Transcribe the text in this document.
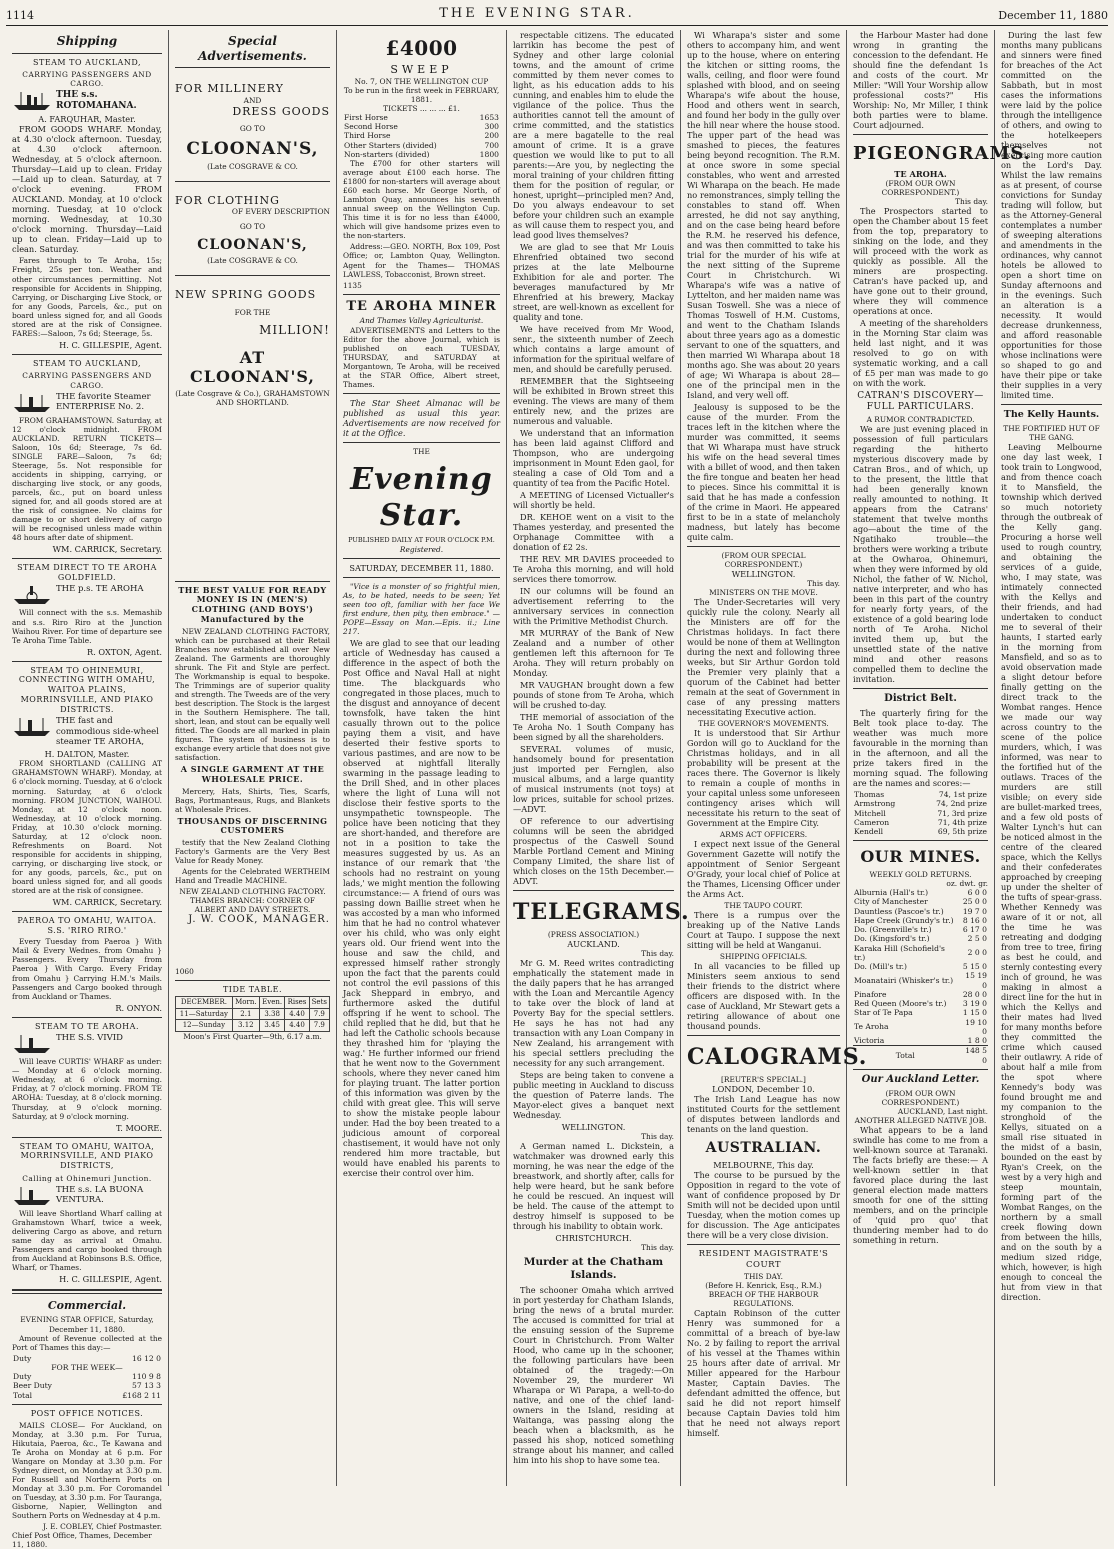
1114	THE EVENING STAR.	December 11, 1880
Shipping
STEAM TO AUCKLAND,
CARRYING PASSENGERS AND CARGO.
THE s.s. ROTOMAHANA.
A. FARQUHAR, Master.

FROM GOODS WHARF. Monday, at 4.30 o'clock afternoon. Tuesday, at 4.30 o'clock afternoon. Wednesday, at 5 o'clock afternoon. Thursday—Laid up to clean. Friday—Laid up to clean. Saturday, at 7 o'clock evening. FROM AUCKLAND. Monday, at 10 o'clock morning. Tuesday, at 10 o'clock morning. Wednesday, at 10.30 o'clock morning. Thursday—Laid up to clean. Friday—Laid up to clean. Saturday.

Fares through to Te Aroha, 15s; Freight, 25s per ton. Weather and other circumstances permitting. Not responsible for Accidents in Shipping, Carrying, or Discharging Live Stock, or for any Goods, Parcels, &c., put on board unless signed for, and all Goods stored are at the risk of Consignee. FARES:—Saloon, 7s 6d; Steerage, 5s.

H. C. GILLESPIE, Agent.
STEAM TO AUCKLAND,
CARRYING PASSENGERS AND CARGO.
THE favorite Steamer ENTERPRISE No. 2.

FROM GRAHAMSTOWN. Saturday, at 12 o'clock midnight. FROM AUCKLAND. RETURN TICKETS—Saloon, 10s 6d; Steerage, 7s 6d. SINGLE FARE—Saloon, 7s 6d; Steerage, 5s. Not responsible for accidents in shipping, carrying, or discharging live stock, or any goods, parcels, &c., put on board unless signed for, and all goods stored are at the risk of consignee. No claims for damage to or short delivery of cargo will be recognised unless made within 48 hours after date of shipment.

WM. CARRICK, Secretary.
STEAM DIRECT TO TE AROHA GOLDFIELD.
THE p.s. TE AROHA

Will connect with the s.s. Memashib and s.s. Riro Riro at the Junction Waihou River. For time of departure see Te Aroha Time Table.

R. OXTON, Agent.
STEAM TO OHINEMURI, CONNECTING WITH OMAHU, WAITOA PLAINS, MORRINSVILLE, AND PIAKO DISTRICTS.
THE fast and commodious side-wheel steamer TE AROHA,
H. DALTON, Master.

FROM SHORTLAND (CALLING AT GRAHAMSTOWN WHARF). Monday, at 6 o'clock morning. Tuesday, at 6 o'clock morning. Saturday, at 6 o'clock morning. FROM JUNCTION, WAIHOU. Monday, at 12 o'clock noon. Wednesday, at 10 o'clock morning. Friday, at 10.30 o'clock morning. Saturday, at 12 o'clock noon. Refreshments on Board. Not responsible for accidents in shipping, carrying, or discharging live stock, or for any goods, parcels, &c., put on board unless signed for, and all goods stored are at the risk of consignee.

WM. CARRICK, Secretary.
PAEROA TO OMAHU, WAITOA. S.S. 'RIRO RIRO.'

Every Tuesday from Paeroa } With Mail & Every Wednes. from Omahu } Passengers. Every Thursday from Paeroa } With Cargo. Every Friday from Omahu } Carrying H.M.'s Mails. Passengers and Cargo booked through from Auckland or Thames.

R. ONYON.
STEAM TO TE AROHA.
THE S.S. VIVID

Will leave CURTIS' WHARF as under:— Monday at 6 o'clock morning. Wednesday, at 6 o'clock morning. Friday, at 7 o'clock morning. FROM TE AROHA: Tuesday, at 8 o'clock morning. Thursday, at 9 o'clock morning. Saturday, at 9 o'clock morning.

T. MOORE.
STEAM TO OMAHU, WAITOA, MORRINSVILLE, AND PIAKO DISTRICTS,
Calling at Ohinemuri Junction.
THE s.s. LA BUONA VENTURA.

Will leave Shortland Wharf calling at Grahamstown Wharf, twice a week, delivering Cargo as above, and return same day as arrival at Omahu. Passengers and cargo booked through from Auckland at Robinsons B.S. Office, Wharf, or Thames.

H. C. GILLESPIE, Agent.
Commercial.
EVENING STAR OFFICE, Saturday, December 11, 1880.

Amount of Revenue collected at the Port of Thames this day:—

Duty	16 12 0
FOR THE WEEK—	
Duty	110 9 8
Beer Duty	57 13 3
Total	£168 2 11
POST OFFICE NOTICES.

MAILS CLOSE— For Auckland, on Monday, at 3.30 p.m. For Turua, Hikutaia, Paeroa, &c., Te Kawana and Te Aroha on Monday at 6 p.m. For Wangare on Monday at 3.30 p.m. For Sydney direct, on Monday at 3.30 p.m. For Russell and Northern Ports on Monday at 3.30 p.m. For Coromandel on Tuesday, at 3.30 p.m. For Tauranga, Gisborne, Napier, Wellington and Southern Ports on Wednesday at 4 p.m.

J. E. COBLEY, Chief Postmaster.
Chief Post Office, Thames, December 11, 1880.
Special Advertisements.
FOR MILLINERY
AND
DRESS GOODS
GO TO
CLOONAN'S,
(Late COSGRAVE & CO.
FOR CLOTHING
OF EVERY DESCRIPTION
GO TO
CLOONAN'S,
(Late COSGRAVE & CO.
NEW SPRING GOODS
FOR THE
MILLION!
AT CLOONAN'S,
(Late Cosgrave & Co.), GRAHAMSTOWN AND SHORTLAND.
THE BEST VALUE FOR READY MONEY IS IN (MEN'S) CLOTHING (AND BOYS') Manufactured by the

NEW ZEALAND CLOTHING FACTORY, which can be purchased at their Retail Branches now established all over New Zealand. The Garments are thoroughly shrunk. The Fit and Style are perfect. The Workmanship is equal to bespoke. The Trimmings are of superior quality and strength. The Tweeds are of the very best description. The Stock is the largest in the Southern Hemisphere. The tall, short, lean, and stout can be equally well fitted. The Goods are all marked in plain figures. The system of business is to exchange every article that does not give satisfaction.

A SINGLE GARMENT AT THE WHOLESALE PRICE.

Mercery, Hats, Shirts, Ties, Scarfs, Bags, Portmanteaus, Rugs, and Blankets at Wholesale Prices.

THOUSANDS OF DISCERNING CUSTOMERS

testify that the New Zealand Clothing Factory's Garments are the Very Best Value for Ready Money.

Agents for the Celebrated WERTHEIM Hand and Treadle MACHINE.

NEW ZEALAND CLOTHING FACTORY. THAMES BRANCH: CORNER OF ALBERT AND DAVY STREETS.
J. W. COOK, MANAGER.
1060
TIDE TABLE.
DECEMBER.	Morn.	Even.	Rises	Sets
11—Saturday	2.1	3.38	4.40	7.9
12—Sunday	3.12	3.45	4.40	7.9
Moon's First Quarter—9th, 6.17 a.m.
£4000
SWEEP
No. 7, ON THE WELLINGTON CUP
To be run in the first week in FEBRUARY, 1881.
TICKETS ... ... ... £1.
First Horse	1653
Second Horse	300
Third Horse	200
Other Starters (divided)	700
Non-starters (divided)	1800

The £700 for other starters will average about £100 each horse. The £1800 for non-starters will average about £60 each horse. Mr George North, of Lambton Quay, announces his seventh annual sweep on the Wellington Cup. This time it is for no less than £4000, which will give handsome prizes even to the non-starters.

Address:—GEO. NORTH, Box 109, Post Office; or, Lambton Quay, Wellington. Agent for the Thames— THOMAS LAWLESS, Tobacconist, Brown street.

1135
TE AROHA MINER
And Thames Valley Agriculturist.

ADVERTISEMENTS and Letters to the Editor for the above Journal, which is published on each TUESDAY, THURSDAY, and SATURDAY at Morgantown, Te Aroha, will be received at the STAR Office, Albert street, Thames.

The Star Sheet Almanac will be published as usual this year. Advertisements are now received for it at the Office.

THE
Evening Star.
PUBLISHED DAILY AT FOUR O'CLOCK P.M.
Registered.
SATURDAY, DECEMBER 11, 1880.

"Vice is a monster of so frightful mien, As, to be hated, needs to be seen; Yet seen too oft, familiar with her face We first endure, then pity, then embrace." —POPE—Essay on Man.—Epis. ii.; Line 217.

We are glad to see that our leading article of Wednesday has caused a difference in the aspect of both the Post Office and Naval Hall at night time. The blackguards who congregated in those places, much to the disgust and annoyance of decent townsfolk, have taken the hint casually thrown out to the police paying them a visit, and have deserted their festive sports to various pastimes, and are now to be observed at nightfall literally swarming in the passage leading to the Drill Shed, and in other places where the light of Luna will not disclose their festive sports to the unsympathetic townspeople. The police have been noticing that they are short-handed, and therefore are not in a position to take the measures suggested by us. As an instance of our remark that 'the schools had no restraint on young lads,' we might mention the following circumstance:— A friend of ours was passing down Baillie street when he was accosted by a man who informed him that he had no control whatever over his child, who was only eight years old. Our friend went into the house and saw the child, and expressed himself rather strongly upon the fact that the parents could not control the evil passions of this Jack Sheppard in embryo, and furthermore asked the dutiful offspring if he went to school. The child replied that he did, but that he had left the Catholic schools because they thrashed him for 'playing the wag.' He further informed our friend that he went now to the Government schools, where they never caned him for playing truant. The latter portion of this information was given by the child with great glee. This will serve to show the mistake people labour under. Had the boy been treated to a judicious amount of corporeal chastisement, it would have not only rendered him more tractable, but would have enabled his parents to exercise their control over him.

respectable citizens. The educated larrikin has become the pest of Sydney and other large colonial towns, and the amount of crime committed by them never comes to light, as his education adds to his cunning, and enables him to elude the vigilance of the police. Thus the authorities cannot tell the amount of crime committed, and the statistics are a mere bagatelle to the real amount of crime. It is a grave question we would like to put to all parents:—Are you, by neglecting the moral training of your children fitting them for the position of regular, or honest, upright—principled men? And, Do you always endeavour to set before your children such an example as will cause them to respect you, and lead good lives themselves?

We are glad to see that Mr Louis Ehrenfried obtained two second prizes at the late Melbourne Exhibition for ale and porter. The beverages manufactured by Mr Ehrenfried at his brewery, Mackay street, are well-known as excellent for quality and tone.

We have received from Mr Wood, senr., the sixteenth number of Zeech which contains a large amount of information for the spiritual welfare of men, and should be carefully perused.

REMEMBER that the Sightseeing will be exhibited in Brown street this evening. The views are many of them entirely new, and the prizes are numerous and valuable.

We understand that an information has been laid against Clifford and Thompson, who are undergoing imprisonment in Mount Eden gaol, for stealing a case of Old Tom and a quantity of tea from the Pacific Hotel.

A MEETING of Licensed Victualler's will shortly be held.

DR. KEHOE went on a visit to the Thames yesterday, and presented the Orphanage Committee with a donation of £2 2s.

THE REV. MR DAVIES proceeded to Te Aroha this morning, and will hold services there tomorrow.

IN our columns will be found an advertisement referring to the anniversary services in connection with the Primitive Methodist Church.

MR MURRAY of the Bank of New Zealand and a number of other gentlemen left this afternoon for Te Aroha. They will return probably on Monday.

MR VAUGHAN brought down a few pounds of stone from Te Aroha, which will be crushed to-day.

THE memorial of association of the Te Aroha No. 1 South Company has been signed by all the shareholders.

SEVERAL volumes of music, handsomely bound for presentation just imported per Fernglen, also musical albums, and a large quantity of musical instruments (not toys) at low prices, suitable for school prizes.—ADVT.

OF reference to our advertising columns will be seen the abridged prospectus of the Caswell Sound Marble Portland Cement and Mining Company Limited, the share list of which closes on the 15th December.—ADVT.

TELEGRAMS.
(PRESS ASSOCIATION.)
AUCKLAND.
This day.

Mr G. M. Reed writes contradicting emphatically the statement made in the daily papers that he has arranged with the Loan and Mercantile Agency to take over the block of land at Poverty Bay for the special settlers. He says he has not had any transaction with any Loan Company in New Zealand, his arrangement with his special settlers precluding the necessity for any such arrangement.

Steps are being taken to convene a public meeting in Auckland to discuss the question of Paterre lands. The Mayor-elect gives a banquet next Wednesday.

WELLINGTON.
This day.

A German named L. Dickstein, a watchmaker was drowned early this morning, he was near the edge of the breastwork, and shortly after, calls for help were heard, but he sank before he could be rescued. An inquest will be held. The cause of the attempt to destroy himself is supposed to be through his inability to obtain work.

CHRISTCHURCH.
This day.
Murder at the Chatham Islands.

The schooner Omaha which arrived in port yesterday for Chatham Islands, bring the news of a brutal murder. The accused is committed for trial at the ensuing session of the Supreme Court in Christchurch. From Walter Hood, who came up in the schooner, the following particulars have been obtained of the tragedy:—On November 29, the murderer Wi Wharapa or Wi Parapa, a well-to-do native, and one of the chief land-owners in the Island, residing at Waitanga, was passing along the beach when a blacksmith, as he passed his shop, noticed something strange about his manner, and called him into his shop to have some tea.

Wi Wharapa's sister and some others to accompany him, and went up to the house, where on entering the kitchen or sitting rooms, the walls, ceiling, and floor were found splashed with blood, and on seeing Wharapa's wife about the house, Hood and others went in search, and found her body in the gully over the hill near where the house stood. The upper part of the head was smashed to pieces, the features being beyond recognition. The R.M. at once swore in some special constables, who went and arrested Wi Wharapa on the beach. He made no remonstrances, simply telling the constables to stand off. When arrested, he did not say anything, and on the case being heard before the R.M. he reserved his defence, and was then committed to take his trial for the murder of his wife at the next sitting of the Supreme Court in Christchurch. Wi Wharapa's wife was a native of Lyttelton, and her maiden name was Susan Toswell. She was a niece of Thomas Toswell of H.M. Customs, and went to the Chatham Islands about three years ago as a domestic servant to one of the squatters, and then married Wi Wharapa about 18 months ago. She was about 20 years of age; Wi Wharapa is about 28—one of the principal men in the Island, and very well off.

Jealousy is supposed to be the cause of the murder. From the traces left in the kitchen where the murder was committed, it seems that Wi Wharapa must have struck his wife on the head several times with a billet of wood, and then taken the fire tongue and beaten her head to pieces. Since his committal it is said that he has made a confession of the crime in Maori. He appeared first to be in a state of melancholy madness, but lately has become quite calm.

(FROM OUR SPECIAL CORRESPONDENT.)
WELLINGTON.
This day.
MINISTERS ON THE MOVE.

The Under-Secretaries will very quickly rule the colony. Nearly all the Ministers are off for the Christmas holidays. In fact there would be none of them at Wellington during the next and following three weeks, but Sir Arthur Gordon told the Premier very plainly that a quorum of the Cabinet had better remain at the seat of Government in case of any pressing matters necessitating Executive action.

THE GOVERNOR'S MOVEMENTS.

It is understood that Sir Arthur Gordon will go to Auckland for the Christmas holidays, and in all probability will be present at the races there. The Governor is likely to remain a couple of months in your capital unless some unforeseen contingency arises which will necessitate his return to the seat of Government at the Empire City.

ARMS ACT OFFICERS.

I expect next issue of the General Government Gazette will notify the appointment of Senior Sergeant O'Grady, your local chief of Police at the Thames, Licensing Officer under the Arms Act.

THE TAUPO COURT.

There is a rumpus over the breaking up of the Native Lands Court at Taupo. I suppose the next sitting will be held at Wanganui.

SHIPPING OFFICIALS.

In all vacancies to be filled up Ministers seem anxious to send their friends to the district where officers are disposed with. In the case of Auckland, Mr Stewart gets a retiring allowance of about one thousand pounds.

CALOGRAMS.
[REUTER'S SPECIAL.]
LONDON, December 10.

The Irish Land League has now instituted Courts for the settlement of disputes between landlords and tenants on the land question.

AUSTRALIAN.
MELBOURNE, This day.

The course to be pursued by the Opposition in regard to the vote of want of confidence proposed by Dr Smith will not be decided upon until Tuesday, when the motion comes up for discussion. The Age anticipates there will be a very close division.

RESIDENT MAGISTRATE'S COURT
THIS DAY.
(Before H. Kenrick, Esq., R.M.)
BREACH OF THE HARBOUR REGULATIONS.

Captain Robinson of the cutter Henry was summoned for a committal of a breach of bye-law No. 2 by failing to report the arrival of his vessel at the Thames within 25 hours after date of arrival. Mr Miller appeared for the Harbour Master, Captain Davies. The defendant admitted the offence, but said he did not report himself because Captain Davies told him that he need not always report himself.

the Harbour Master had done wrong in granting the concession to the defendant. He should fine the defendant 1s and costs of the court. Mr Miller: "Will Your Worship allow professional costs?" His Worship: No, Mr Miller, I think both parties were to blame. Court adjourned.

PIGEONGRAMS.
TE AROHA.
(FROM OUR OWN CORRESPONDENT.)
This day.

The Prospectors started to open the Chamber about 15 feet from the top, preparatory to sinking on the lode, and they will proceed with the work as quickly as possible. All the miners are prospecting. Catran's have packed up, and have gone out to their ground, where they will commence operations at once.

A meeting of the shareholders in the Morning Star claim was held last night, and it was resolved to go on with systematic working, and a call of £5 per man was made to go on with the work.

CATRAN'S DISCOVERY—FULL PARTICULARS.
A RUMOR CONTRADICTED.

We are just evening placed in possession of full particulars regarding the hitherto mysterious discovery made by Catran Bros., and of which, up to the present, the little that had been generally known really amounted to nothing. It appears from the Catrans' statement that twelve months ago—about the time of the Ngatihako trouble—the brothers were working a tribute at the Owharoa, Ohinemuri, when they were informed by old Nichol, the father of W. Nichol, native interpreter, and who has been in this part of the country for nearly forty years, of the existence of a gold bearing lode north of Te Aroha. Nichol invited them up, but the unsettled state of the native mind and other reasons compelled them to decline the invitation.

District Belt.

The quarterly firing for the Belt took place to-day. The weather was much more favourable in the morning than in the afternoon, and all the prize takers fired in the morning squad. The following are the names and scores:—

Thomas	74, 1st prize
Armstrong	74, 2nd prize
Mitchell	71, 3rd prize
Cameron	71, 4th prize
Kendell	69, 5th prize
OUR MINES.
WEEKLY GOLD RETURNS.
oz. dwt. gr.
Alburnia (Hall's tr.)	6 0 0
City of Manchester	25 0 0
Dauntless (Pascoe's tr.)	19 7 0
Hape Creek (Grundy's tr.)	8 16 0
Do. (Greenville's tr.)	6 17 0
Do. (Kingsford's tr.)	2 5 0
Karaka Hill (Schofield's tr.)	2 0 0
Do. (Mill's tr.)	5 15 0
Moanatairi (Whisker's tr.)	15 19 0
Pinafore	28 0 0
Red Queen (Moore's tr.)	3 19 0
Star of Te Papa	1 15 0
Te Aroha	19 10 0
Victoria	1 8 0
Total	148 5 0
Our Auckland Letter.
(FROM OUR OWN CORRESPONDENT.)
AUCKLAND, Last night.
ANOTHER ALLEGED NATIVE JOB.

What appears to be a land swindle has come to me from a well-known source at Taranaki. The facts briefly are these:— A well-known settler in that favored place during the last general election made matters smooth for one of the sitting members, and on the principle of 'quid pro quo' that thundering member had to do something in return.

During the last few months many publicans and sinners were fined for breaches of the Act committed on the Sabbath, but in most cases the informations were laid by the police through the intelligence of others, and owing to the hotelkeepers themselves not exercising more caution on the Lord's Day. Whilst the law remains as at present, of course convictions for Sunday trading will follow, but as the Attorney-General contemplates a number of sweeping alterations and amendments in the ordinances, why cannot hotels be allowed to open a short time on Sunday afternoons and in the evenings. Such an alteration is a necessity. It would decrease drunkenness, and afford reasonable opportunities for those whose inclinations were so shaped to go and have their pipe or take their supplies in a very limited time.

The Kelly Haunts.
THE FORTIFIED HUT OF THE GANG.

Leaving Melbourne one day last week, I took train to Longwood, and from thence coach it to Mansfield, the township which derived so much notoriety through the outbreak of the Kelly gang. Procuring a horse well used to rough country, and obtaining the services of a guide, who, I may state, was intimately connected with the Kellys and their friends, and had undertaken to conduct me to several of their haunts, I started early in the morning from Mansfield, and so as to avoid observation made a slight detour before finally getting on the direct track to the Wombat ranges. Hence we made our way across country to the scene of the police murders, which, I was informed, was near to the fortified hut of the outlaws. Traces of the murders are still visible; on every side are bullet-marked trees, and a few old posts of Walter Lynch's hut can be noticed almost in the centre of the cleared space, which the Kellys and their confederates approached by creeping up under the shelter of the tufts of spear-grass. Whether Kennedy was aware of it or not, all the time he was retreating and dodging from tree to tree, firing as best he could, and sternly contesting every inch of ground, he was making in almost a direct line for the hut in which the Kellys and their mates had lived for many months before they committed the crime which caused their outlawry. A ride of about half a mile from the spot where Kennedy's body was found brought me and my companion to the stronghold of the Kellys, situated on a small rise situated in the midst of a basin, bounded on the east by Ryan's Creek, on the west by a very high and steep mountain, forming part of the Wombat Ranges, on the northern by a small creek flowing down from between the hills, and on the south by a medium sized ridge, which, however, is high enough to conceal the hut from view in that direction.
